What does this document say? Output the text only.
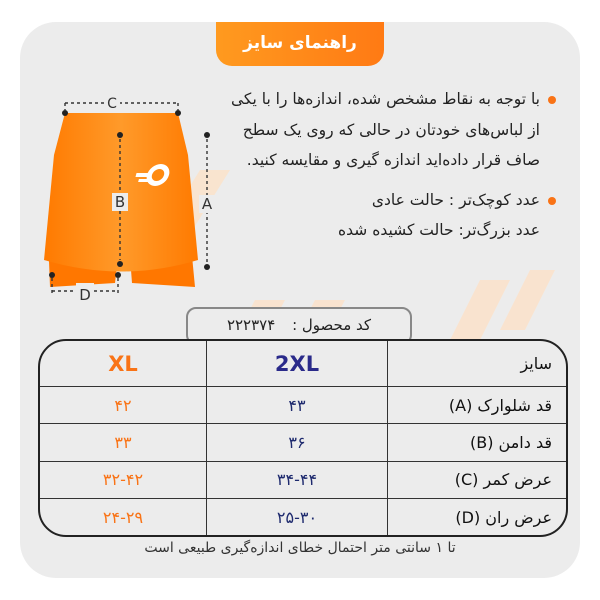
راهنمای سایز

با توجه به نقاط مشخص شده، اندازه‌ها را با یکی از لباس‌های خودتان در حالی که روی یک سطح صاف قرار داده‌اید اندازه گیری و مقایسه کنید.

عدد کوچک‌تر : حالت عادی
عدد بزرگ‌تر: حالت کشیده شده

C
B	A
D
کد محصول : ۲۲۲۳۷۴
سایز	2XL	XL
قد شلوارک (A)	۴۳	۴۲
قد دامن (B)	۳۶	۳۳
عرض کمر (C)	۳۴-۴۴	۳۲-۴۲
عرض ران (D)	۲۵-۳۰	۲۴-۲۹
تا ۱ سانتی متر احتمال خطای اندازه‌گیری طبیعی است
